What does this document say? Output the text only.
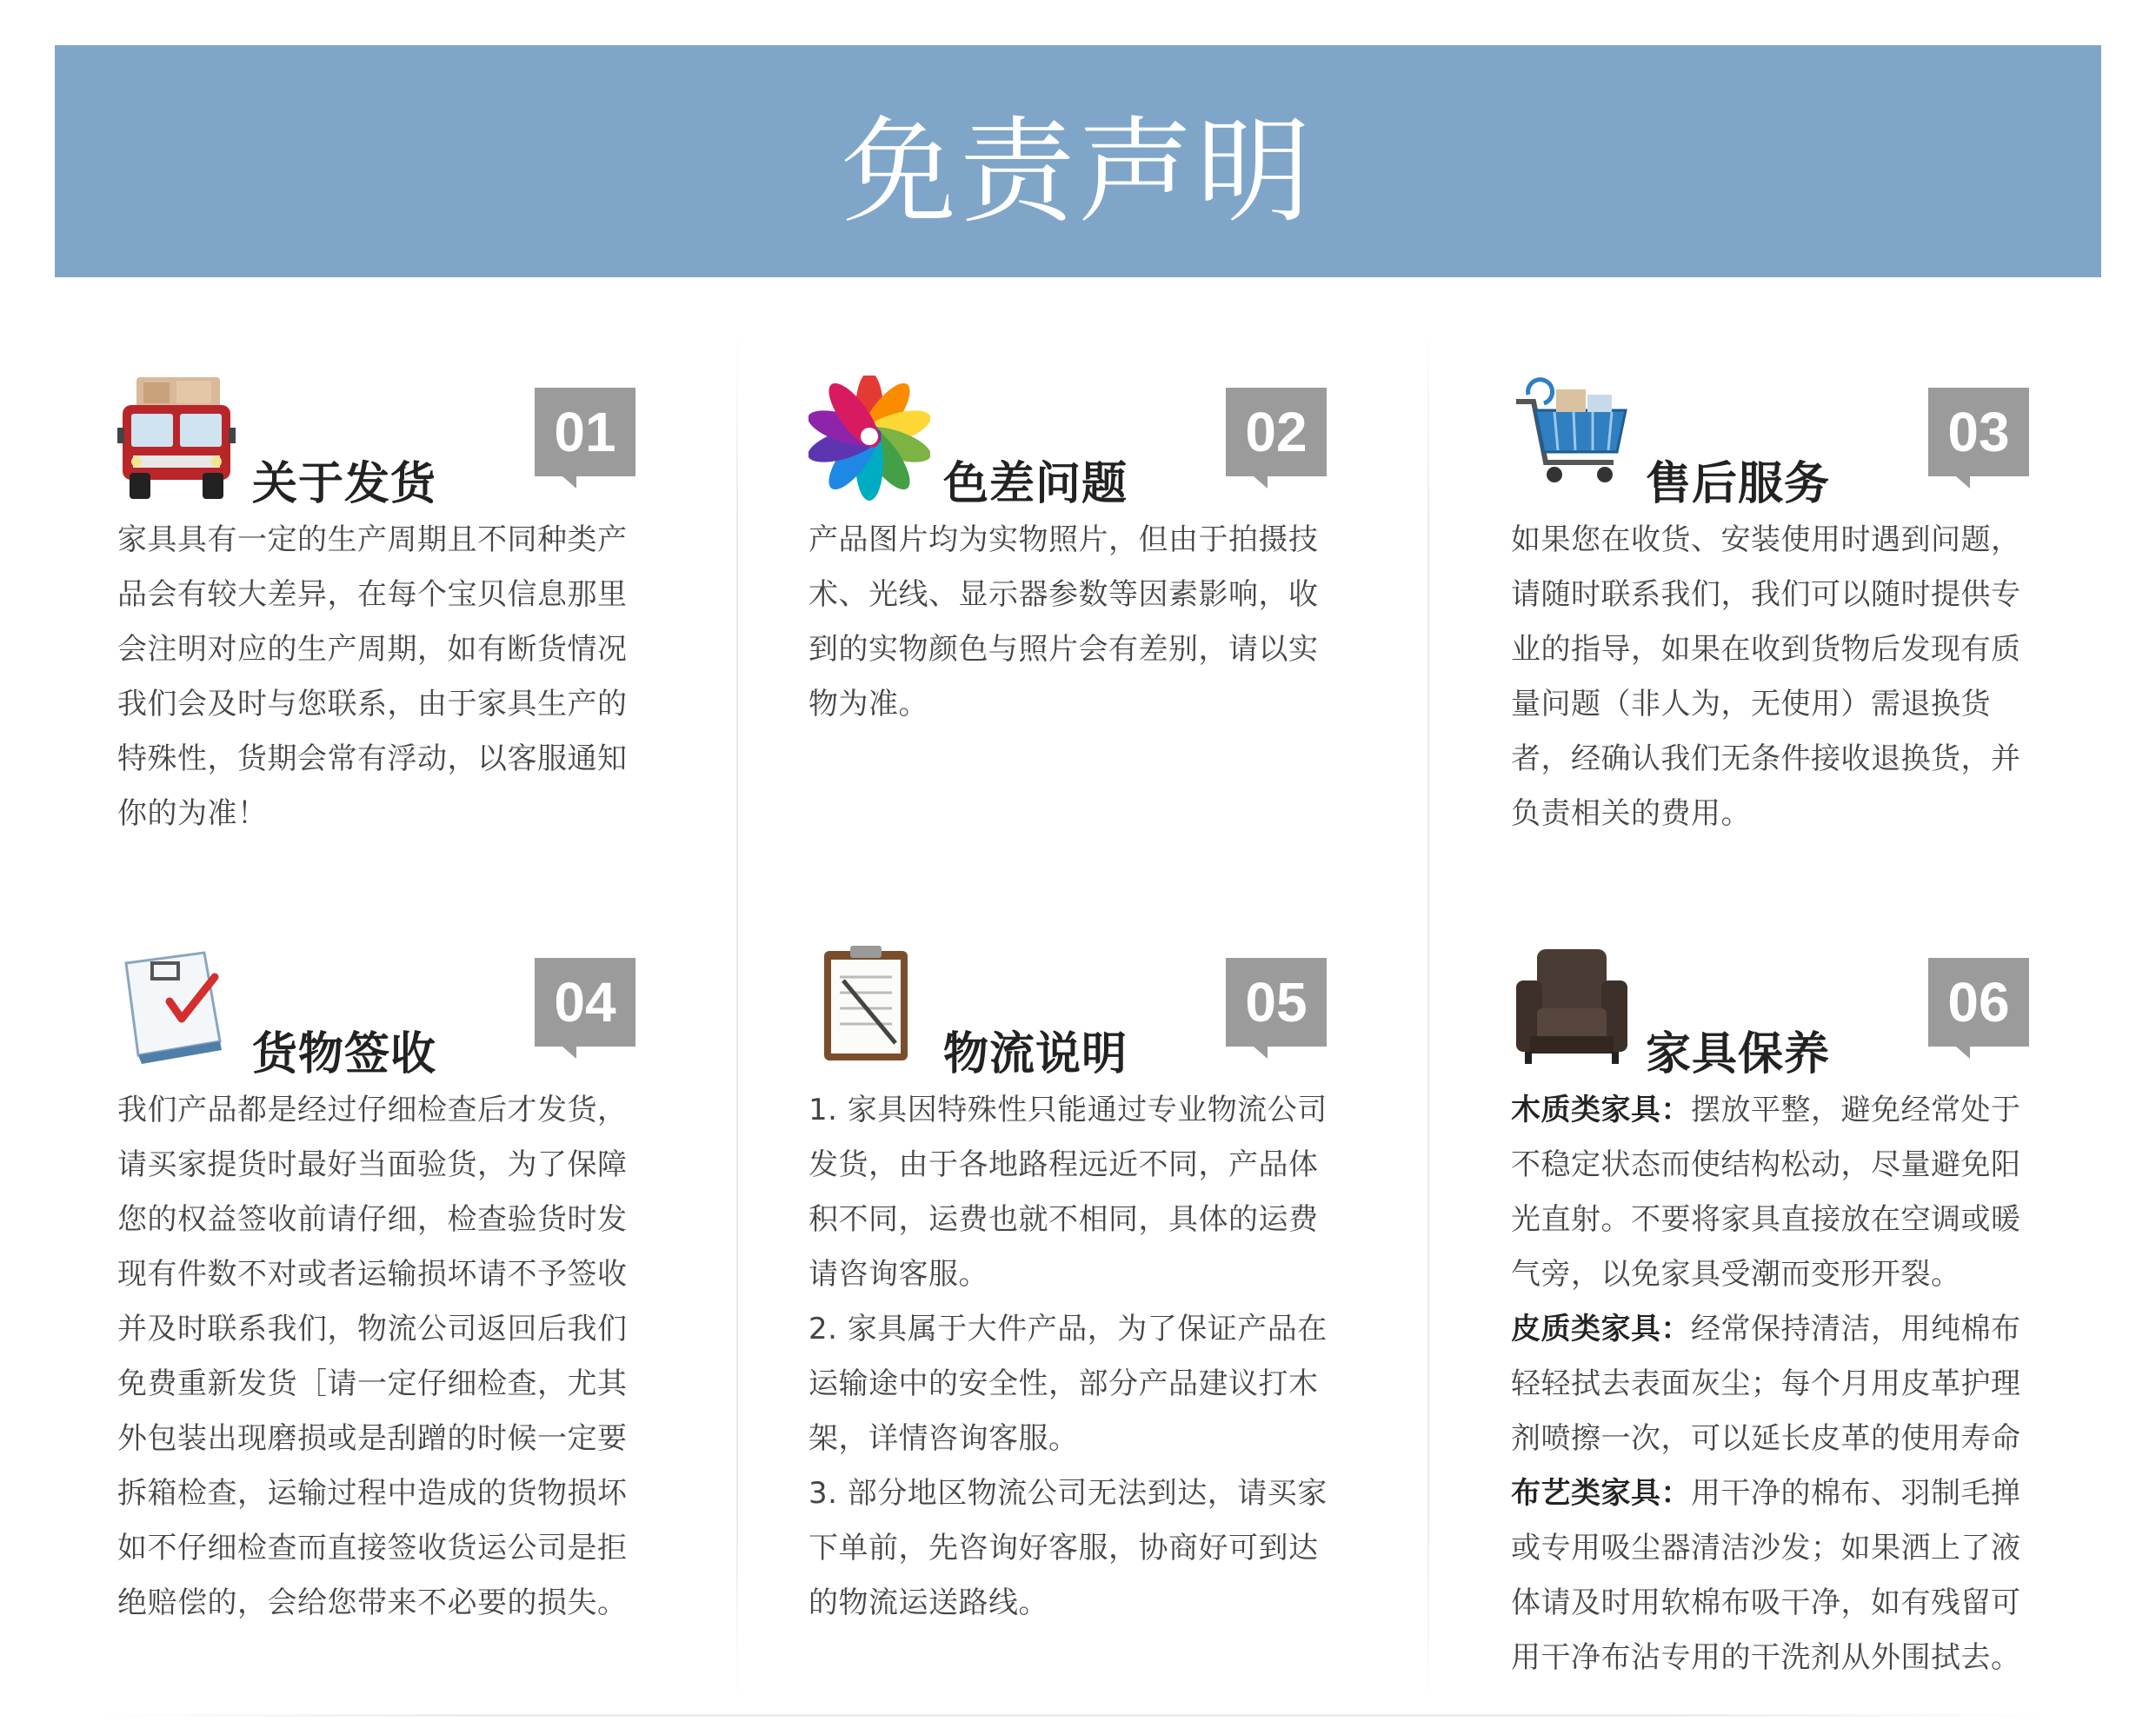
免责声明
关于发货
01

家具具有一定的生产周期且不同种类产品会有较大差异，在每个宝贝信息那里会注明对应的生产周期，如有断货情况我们会及时与您联系，由于家具生产的特殊性，货期会常有浮动，以客服通知你的为准！

色差问题
02

产品图片均为实物照片，但由于拍摄技术、光线、显示器参数等因素影响，收到的实物颜色与照片会有差别，请以实物为准。

售后服务
03

如果您在收货、安装使用时遇到问题，请随时联系我们，我们可以随时提供专业的指导，如果在收到货物后发现有质量问题（非人为，无使用）需退换货者，经确认我们无条件接收退换货，并负责相关的费用。

货物签收
04

我们产品都是经过仔细检查后才发货，请买家提货时最好当面验货，为了保障您的权益签收前请仔细，检查验货时发现有件数不对或者运输损坏请不予签收并及时联系我们，物流公司返回后我们免费重新发货［请一定仔细检查，尤其外包装出现磨损或是刮蹭的时候一定要拆箱检查，运输过程中造成的货物损坏如不仔细检查而直接签收货运公司是拒绝赔偿的，会给您带来不必要的损失。

物流说明
05

1. 家具因特殊性只能通过专业物流公司发货，由于各地路程远近不同，产品体积不同，运费也就不相同，具体的运费请咨询客服。

2. 家具属于大件产品，为了保证产品在运输途中的安全性，部分产品建议打木架，详情咨询客服。

3. 部分地区物流公司无法到达，请买家下单前，先咨询好客服，协商好可到达的物流运送路线。

家具保养
06

木质类家具：摆放平整，避免经常处于不稳定状态而使结构松动，尽量避免阳光直射。不要将家具直接放在空调或暖气旁，以免家具受潮而变形开裂。

皮质类家具：经常保持清洁，用纯棉布轻轻拭去表面灰尘；每个月用皮革护理剂喷擦一次，可以延长皮革的使用寿命

布艺类家具：用干净的棉布、羽制毛掸或专用吸尘器清洁沙发；如果洒上了液体请及时用软棉布吸干净，如有残留可用干净布沾专用的干洗剂从外围拭去。
